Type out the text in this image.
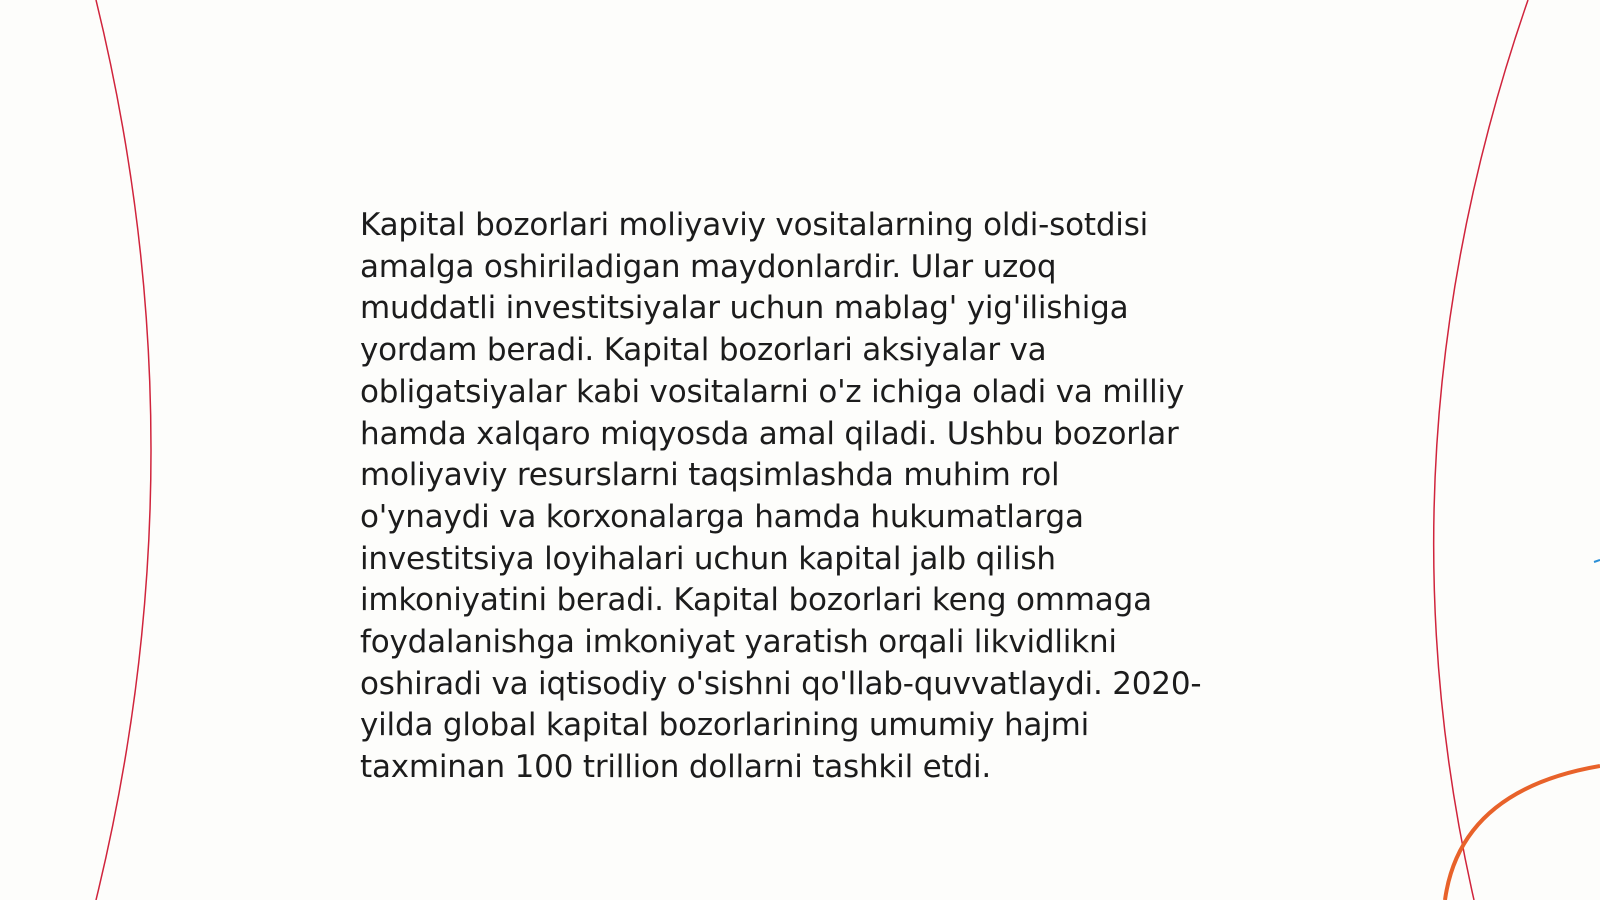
Kapital bozorlari moliyaviy vositalarning oldi-sotdisi
amalga oshiriladigan maydonlardir. Ular uzoq
muddatli investitsiyalar uchun mablag' yig'ilishiga
yordam beradi. Kapital bozorlari aksiyalar va
obligatsiyalar kabi vositalarni o'z ichiga oladi va milliy
hamda xalqaro miqyosda amal qiladi. Ushbu bozorlar
moliyaviy resurslarni taqsimlashda muhim rol
o'ynaydi va korxonalarga hamda hukumatlarga
investitsiya loyihalari uchun kapital jalb qilish
imkoniyatini beradi. Kapital bozorlari keng ommaga
foydalanishga imkoniyat yaratish orqali likvidlikni
oshiradi va iqtisodiy o'sishni qo'llab-quvvatlaydi. 2020-
yilda global kapital bozorlarining umumiy hajmi
taxminan 100 trillion dollarni tashkil etdi.
